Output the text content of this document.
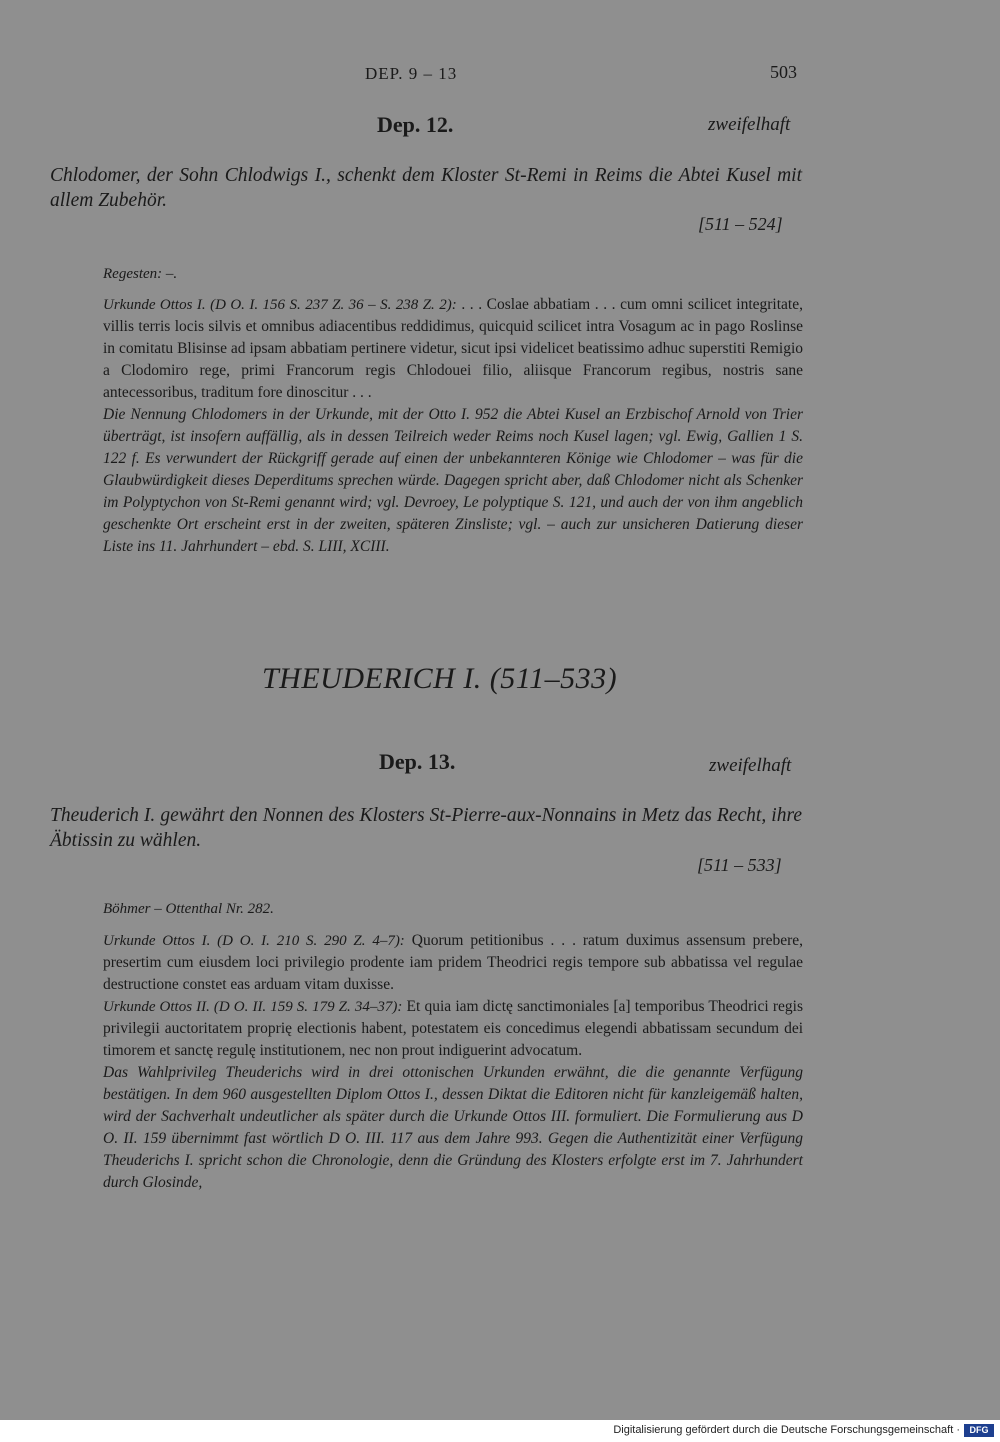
DEP. 9 – 13	503
Dep. 12.	zweifelhaft
Chlodomer, der Sohn Chlodwigs I., schenkt dem Kloster St-Remi in Reims die Abtei Kusel mit allem Zubehör.
[511 – 524]

Regesten: –.

Urkunde Ottos I. (D O. I. 156 S. 237 Z. 36 – S. 238 Z. 2): . . . Coslae abbatiam . . . cum omni scilicet integritate, villis terris locis silvis et omnibus adiacentibus reddidimus, quicquid scilicet intra Vosagum ac in pago Roslinse in comitatu Blisinse ad ipsam abbatiam pertinere videtur, sicut ipsi videlicet beatissimo adhuc superstiti Remigio a Clodomiro rege, primi Francorum regis Chlodouei filio, aliisque Francorum regibus, nostris sane antecessoribus, traditum fore dinoscitur . . .

Die Nennung Chlodomers in der Urkunde, mit der Otto I. 952 die Abtei Kusel an Erzbischof Arnold von Trier überträgt, ist insofern auffällig, als in dessen Teilreich weder Reims noch Kusel lagen; vgl. Ewig, Gallien 1 S. 122 f. Es verwundert der Rückgriff gerade auf einen der unbekannteren Könige wie Chlodomer – was für die Glaubwürdigkeit dieses Deperditums sprechen würde. Dagegen spricht aber, daß Chlodomer nicht als Schenker im Polyptychon von St-Remi genannt wird; vgl. Devroey, Le polyptique S. 121, und auch der von ihm angeblich geschenkte Ort erscheint erst in der zweiten, späteren Zinsliste; vgl. – auch zur unsicheren Datierung dieser Liste ins 11. Jahrhundert – ebd. S. LIII, XCIII.

THEUDERICH I. (511–533)
Dep. 13.	zweifelhaft
Theuderich I. gewährt den Nonnen des Klosters St-Pierre-aux-Nonnains in Metz das Recht, ihre Äbtissin zu wählen.
[511 – 533]

Böhmer – Ottenthal Nr. 282.

Urkunde Ottos I. (D O. I. 210 S. 290 Z. 4–7): Quorum petitionibus . . . ratum duximus assensum prebere, presertim cum eiusdem loci privilegio prodente iam pridem Theodrici regis tempore sub abbatissa vel regulae destructione constet eas arduam vitam duxisse.

Urkunde Ottos II. (D O. II. 159 S. 179 Z. 34–37): Et quia iam dictę sanctimoniales [a] temporibus Theodrici regis privilegii auctoritatem proprię electionis habent, potestatem eis concedimus elegendi abbatissam secundum dei timorem et sanctę regulę institutionem, nec non prout indiguerint advocatum.

Das Wahlprivileg Theuderichs wird in drei ottonischen Urkunden erwähnt, die die genannte Verfügung bestätigen. In dem 960 ausgestellten Diplom Ottos I., dessen Diktat die Editoren nicht für kanzleigemäß halten, wird der Sachverhalt undeutlicher als später durch die Urkunde Ottos III. formuliert. Die Formulierung aus D O. II. 159 übernimmt fast wörtlich D O. III. 117 aus dem Jahre 993. Gegen die Authentizität einer Verfügung Theuderichs I. spricht schon die Chronologie, denn die Gründung des Klosters erfolgte erst im 7. Jahrhundert durch Glosinde,

Digitalisierung gefördert durch die Deutsche Forschungsgemeinschaft ·	DFG
